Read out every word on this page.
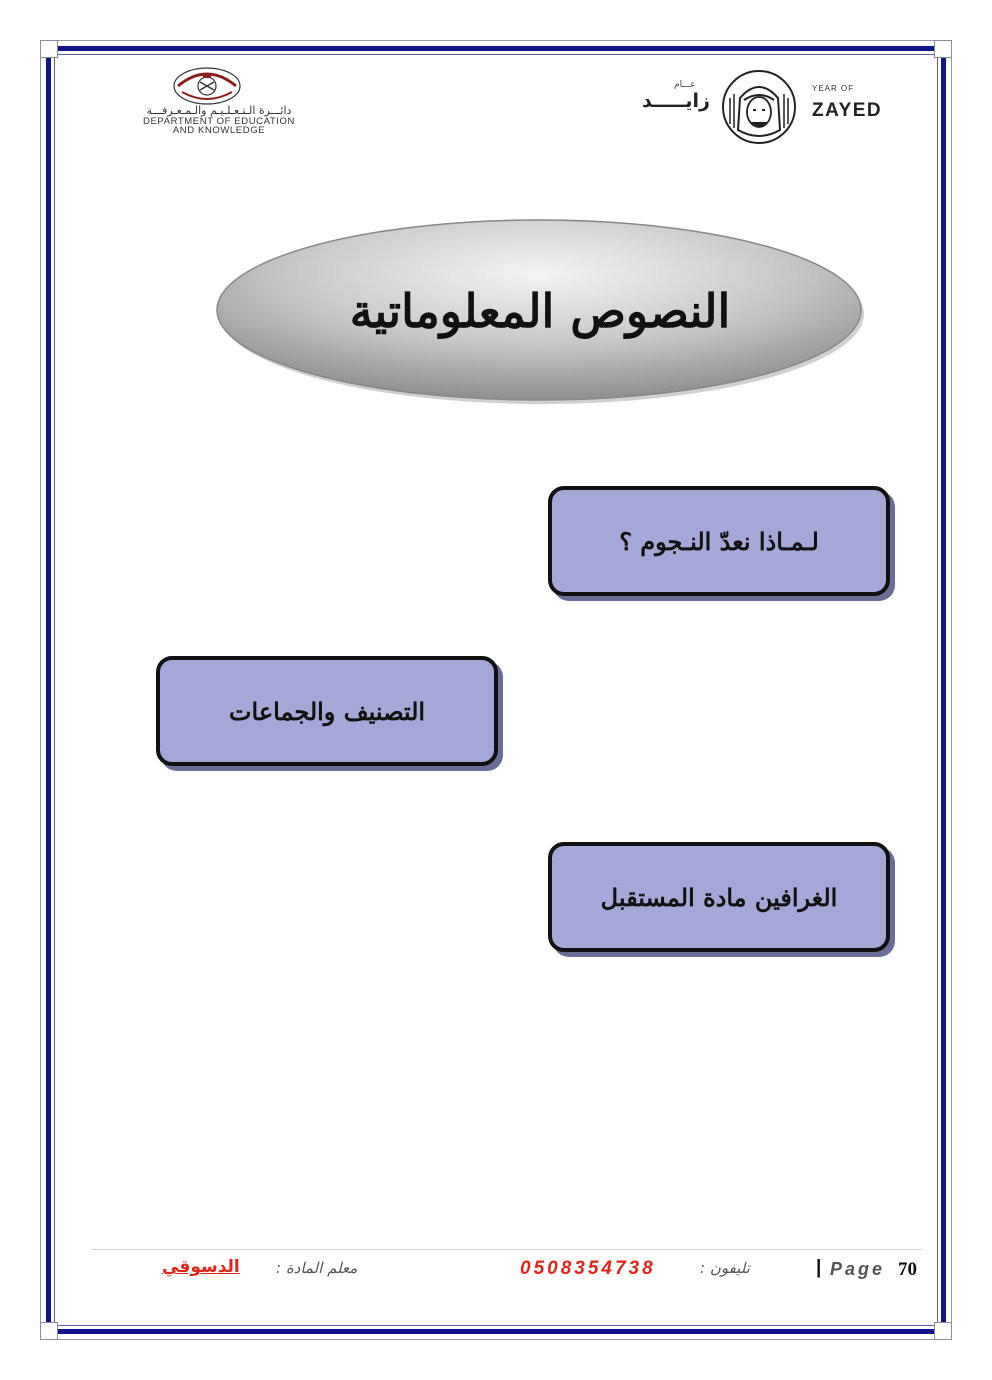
دائـــرة الـتـعـلـيـم والـمـعـرفـــة
DEPARTMENT OF EDUCATION
AND KNOWLEDGE
عـــام
زايـــــد
YEAR OF
ZAYED
النصوص المعلوماتية
لـمـاذا نعدّ النـجوم ؟
التصنيف والجماعات
الغرافين مادة المستقبل
70
Page
|
تليفون :
0508354738
معلم المادة :
الدسوقي
